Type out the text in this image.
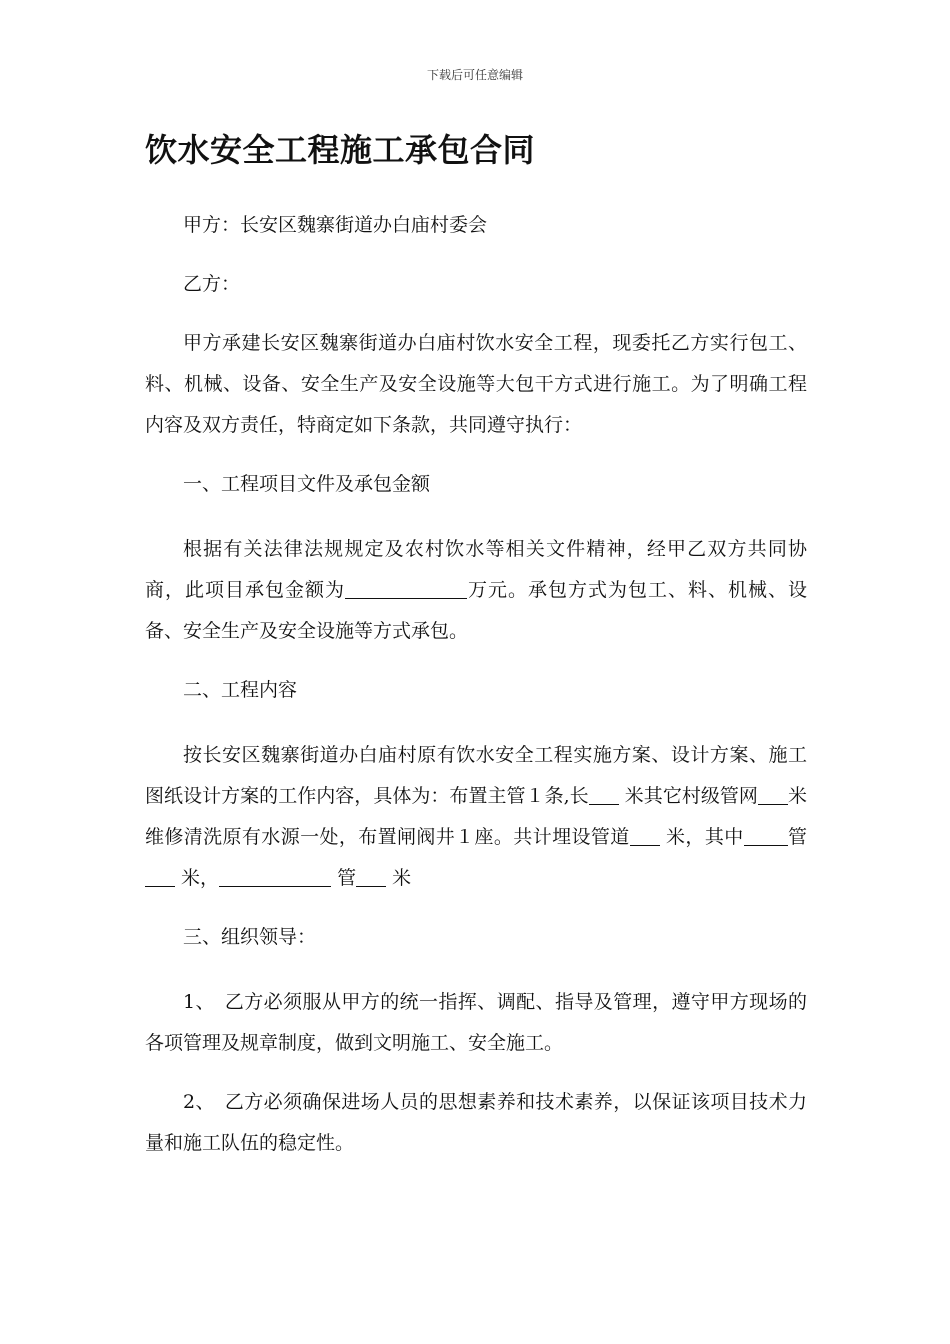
下载后可任意编辑
饮水安全工程施工承包合同

甲方：长安区魏寨街道办白庙村委会

乙方：

甲方承建长安区魏寨街道办白庙村饮水安全工程，现委托乙方实行包工、料、机械、设备、安全生产及安全设施等大包干方式进行施工。为了明确工程内容及双方责任，特商定如下条款，共同遵守执行：

一、工程项目文件及承包金额

根据有关法律法规规定及农村饮水等相关文件精神，经甲乙双方共同协商，此项目承包金额为	万元。承包方式为包工、料、机械、设备、安全生产及安全设施等方式承包。

二、工程内容

按长安区魏寨街道办白庙村原有饮水安全工程实施方案、设计方案、施工图纸设计方案的工作内容，具体为：布置主管１条,长 米其它村级管网 米维修清洗原有水源一处，布置闸阀井１座。共计埋设管道 米，其中 管 米，	管 米

三、组织领导：

1、　乙方必须服从甲方的统一指挥、调配、指导及管理，遵守甲方现场的各项管理及规章制度，做到文明施工、安全施工。

2、　乙方必须确保进场人员的思想素养和技术素养，以保证该项目技术力量和施工队伍的稳定性。
